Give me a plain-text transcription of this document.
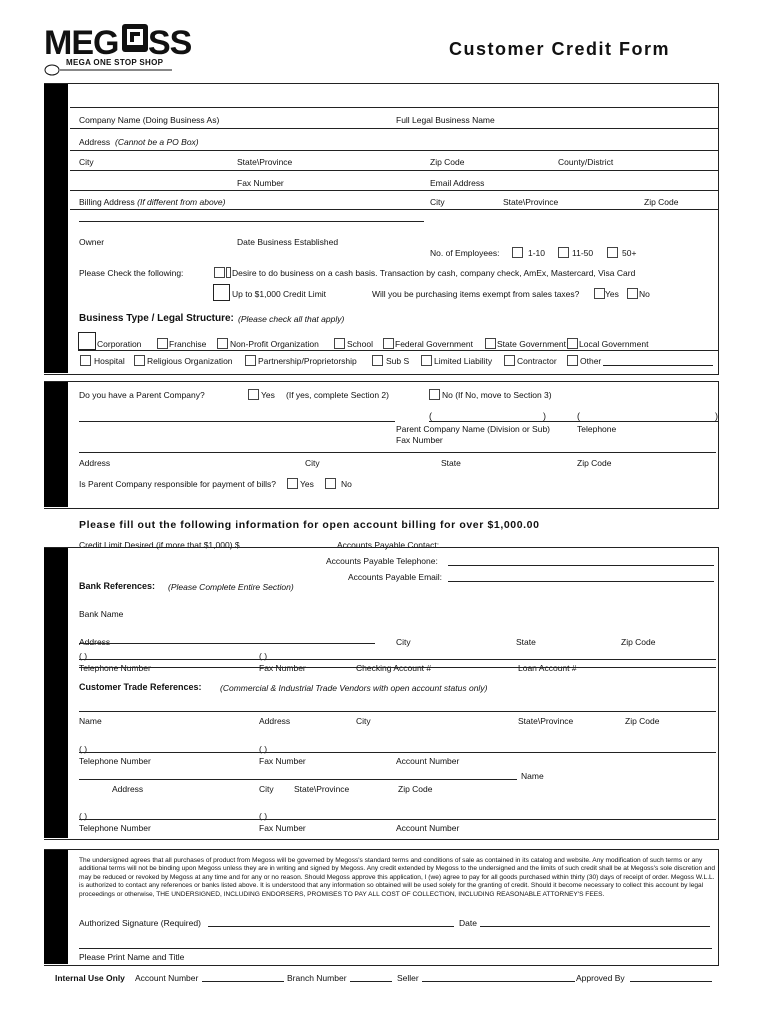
MEG SS
MEGA ONE STOP SHOP
Customer Credit Form
Company Name (Doing Business As)	Full Legal Business Name
Address (Cannot be a PO Box)
City	State\Province	Zip Code	County/District
Fax Number	Email Address
Billing Address (If different from above)	City	State\Province	Zip Code
Owner	Date Business Established
No. of Employees:	1-10	11-50	50+
Please Check the following:	Desire to do business on a cash basis. Transaction by cash, company check, AmEx, Mastercard, Visa Card
Up to $1,000 Credit Limit	Will you be purchasing items exempt from sales taxes?	Yes No
Business Type / Legal Structure: (Please check all that apply)
Corporation	Franchise	Non-Profit Organization	School	Federal Government	State Government Local Government
Hospital	Religious Organization	Partnership/Proprietorship	Sub S	Limited Liability	Contractor	Other
Do you have a Parent Company?	Yes (If yes, complete Section 2)	No (If No, move to Section 3)
(	)	(	)
Parent Company Name (Division or Sub)	Telephone
Fax Number
Address	City	State	Zip Code
Is Parent Company responsible for payment of bills?	Yes	No
Please fill out the following information for open account billing for over $1,000.00
Credit Limit Desired (if more that $1,000) $	Accounts Payable Contact:
Accounts Payable Telephone:
Accounts Payable Email:
Bank References: (Please Complete Entire Section)
Bank Name
Address	City	State	Zip Code
( )	( )
Telephone Number	Fax Number	Checking Account #	Loan Account #
Customer Trade References: (Commercial & Industrial Trade Vendors with open account status only)
Name	Address	City	State\Province	Zip Code
( )	( )
Telephone Number	Fax Number	Account Number
Name
Address	City State\Province	Zip Code
( )	( )
Telephone Number	Fax Number	Account Number
The undersigned agrees that all purchases of product from Megoss will be governed by Megoss's standard terms and conditions of sale as contained in its catalog and website. Any modification of such terms or any additional terms will not be binding upon Megoss unless they are in writing and signed by Megoss. Any credit extended by Megoss to the undersigned and the limits of such credit shall be at Megoss's sole discretion and may be reduced or revoked by Megoss at any time and for any or no reason. Should Megoss approve this application, I (we) agree to pay for all goods purchased within thirty (30) days of receipt of order. Megoss W.L.L. is authorized to contact any references or banks listed above. It is understood that any information so obtained will be used solely for the granting of credit. Should it become necessary to collect this account by legal proceedings or otherwise, THE UNDERSIGNED, INCLUDING ENDORSERS, PROMISES TO PAY ALL COST OF COLLECTION, INCLUDING REASONABLE ATTORNEY'S FEES.
Authorized Signature (Required)	Date
Please Print Name and Title
Internal Use Only Account Number	Branch Number	Seller	Approved By
